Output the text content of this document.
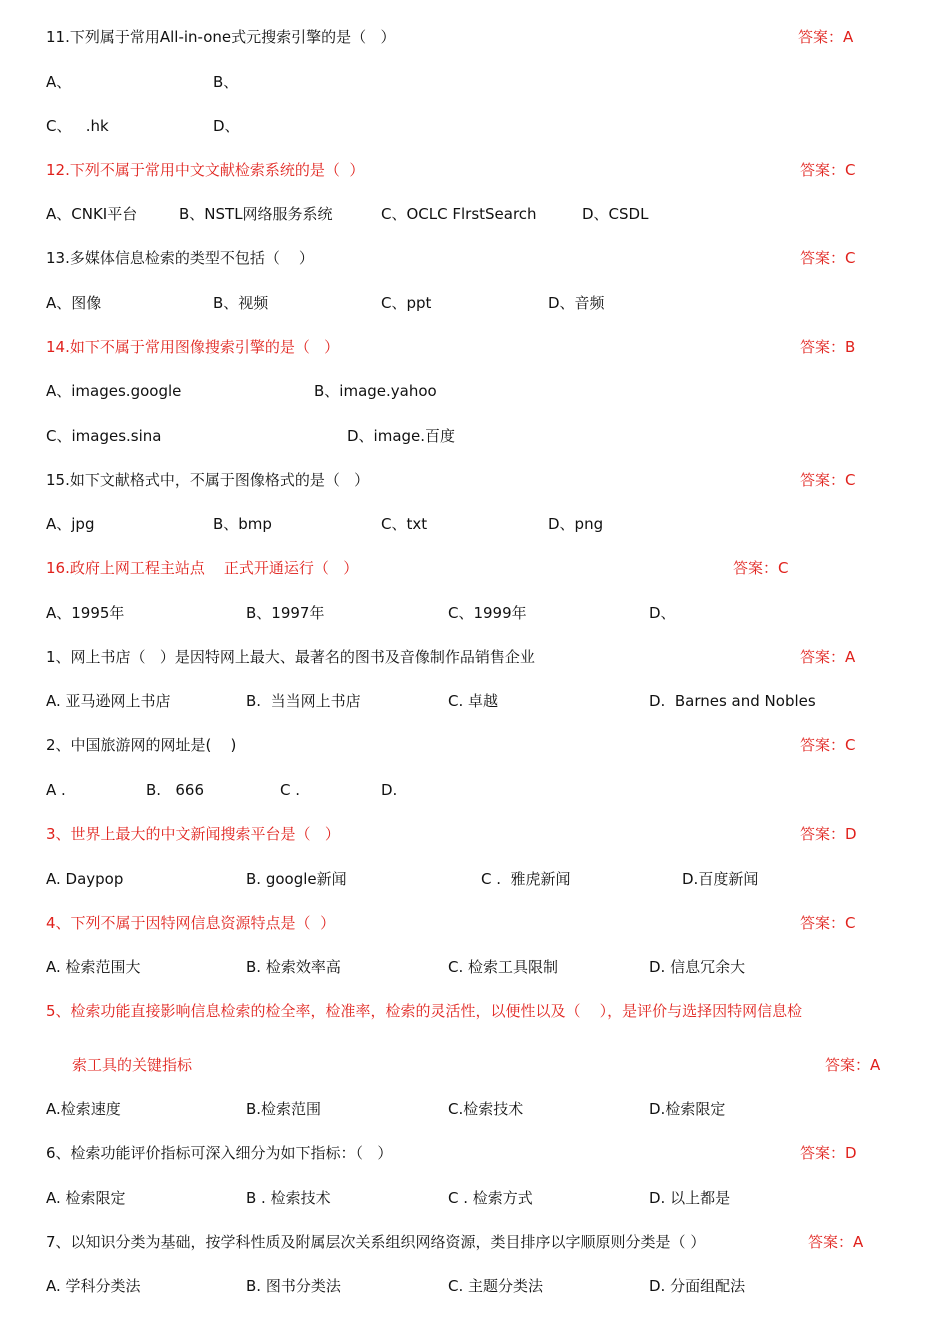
11.下列属于常用All-in-one式元搜索引擎的是（   ）	答案：A
A、	B、
C、   .hk	D、
12.下列不属于常用中文文献检索系统的是（  ）	答案：C
A、CNKI平台	B、NSTL网络服务系统	C、OCLC FlrstSearch	D、CSDL
13.多媒体信息检索的类型不包括（    ）	答案：C
A、图像	B、视频	C、ppt	D、音频
14.如下不属于常用图像搜索引擎的是（   ）	答案：B
A、images.google	B、image.yahoo
C、images.sina	D、image.百度
15.如下文献格式中，不属于图像格式的是（   ）	答案：C
A、jpg	B、bmp	C、txt	D、png
16.政府上网工程主站点    正式开通运行（   ）	答案：C
A、1995年	B、1997年	C、1999年	D、
1、网上书店（   ）是因特网上最大、最著名的图书及音像制作品销售企业	答案：A
A. 亚马逊网上书店	B.  当当网上书店	C. 卓越	D.  Barnes and Nobles
2、中国旅游网的网址是(    )	答案：C
A .	B.   666	C .	D.
3、世界上最大的中文新闻搜索平台是（   ）	答案：D
A. Daypop	B. google新闻	C .  雅虎新闻	D.百度新闻
4、下列不属于因特网信息资源特点是（  ）	答案：C
A. 检索范围大	B. 检索效率高	C. 检索工具限制	D. 信息冗余大
5、检索功能直接影响信息检索的检全率，检准率，检索的灵活性，以便性以及（    ），是评价与选择因特网信息检
索工具的关键指标	答案：A
A.检索速度	B.检索范围	C.检索技术	D.检索限定
6、检索功能评价指标可深入细分为如下指标：（   ）	答案：D
A. 检索限定	B . 检索技术	C . 检索方式	D. 以上都是
7、以知识分类为基础，按学科性质及附属层次关系组织网络资源，类目排序以字顺原则分类是（ ）	答案：A
A. 学科分类法	B. 图书分类法	C. 主题分类法	D. 分面组配法
